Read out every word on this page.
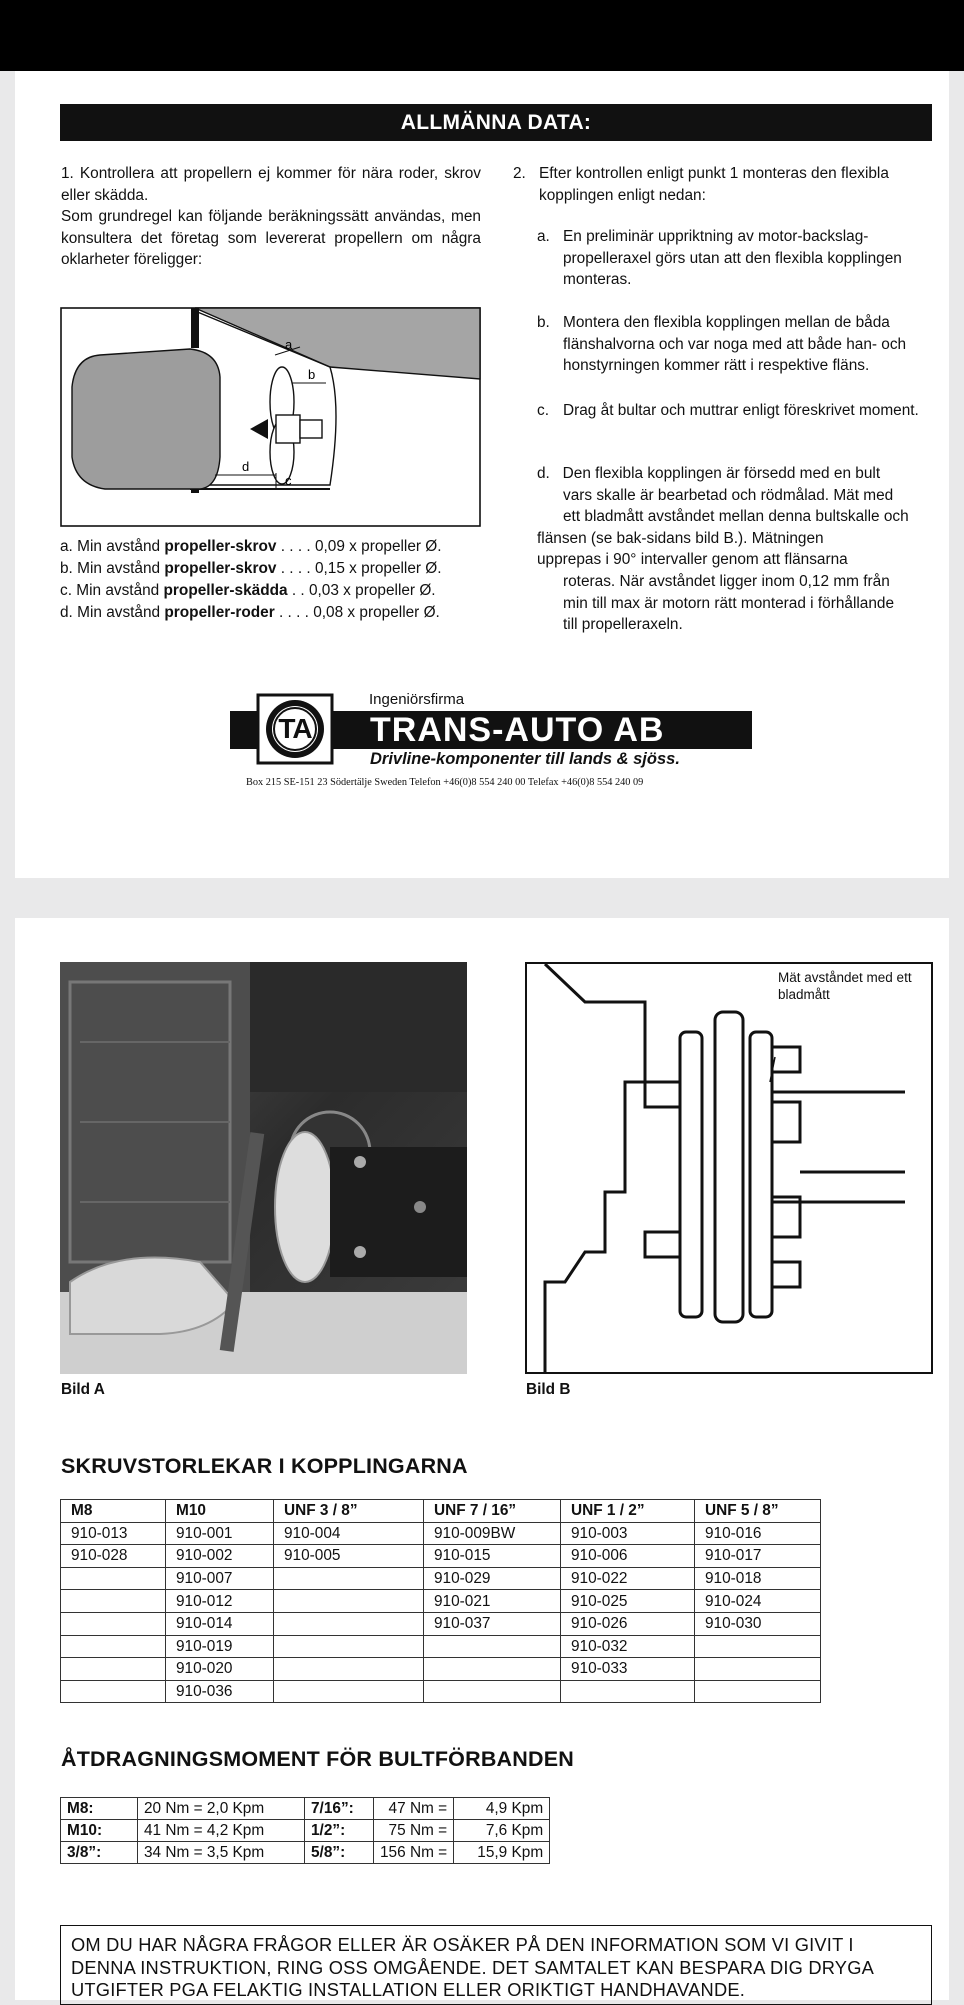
ALLMÄNNA DATA:
1. Kontrollera att propellern ej kommer för nära roder, skrov eller skädda.
Som grundregel kan följande beräkningssätt användas, men konsultera det företag som levererat propellern om några oklarheter föreligger:
a
b
c
d
a. Min avstånd propeller-skrov . . . . 0,09 x propeller Ø.
b. Min avstånd propeller-skrov . . . . 0,15 x propeller Ø.
c. Min avstånd propeller-skädda . . 0,03 x propeller Ø.
d. Min avstånd propeller-roder . . . . 0,08 x propeller Ø.
2. Efter kontrollen enligt punkt 1 monteras den flexibla kopplingen enligt nedan:
a. En preliminär uppriktning av motor-backslag-propelleraxel görs utan att den flexibla kopplingen monteras.
b. Montera den flexibla kopplingen mellan de båda flänshalvorna och var noga med att både han- och honstyrningen kommer rätt i respektive fläns.
c. Drag åt bultar och muttrar enligt föreskrivet moment.
d. Den flexibla kopplingen är försedd med en bult
vars skalle är bearbetad och rödmålad. Mät med
ett bladmått avståndet mellan denna bultskalle och
flänsen (se bak-sidans bild B.). Mätningen
upprepas i 90° intervaller genom att flänsarna
roteras. När avståndet ligger inom 0,12 mm från
min till max är motorn rätt monterad i förhållande
till propelleraxeln.
TA
Ingeniörsfirma
TRANS-AUTO AB
Drivline-komponenter till lands & sjöss.
Box 215 SE-151 23 Södertälje Sweden Telefon +46(0)8 554 240 00 Telefax +46(0)8 554 240 09
Bild A
Mät avståndet med ett bladmått
Bild B
SKRUVSTORLEKAR I KOPPLINGARNA
M8	M10	UNF 3 / 8”	UNF 7 / 16”	UNF 1 / 2”	UNF 5 / 8”
910-013	910-001	910-004	910-009BW	910-003	910-016
910-028	910-002	910-005	910-015	910-006	910-017
	910-007		910-029	910-022	910-018
	910-012		910-021	910-025	910-024
	910-014		910-037	910-026	910-030
	910-019			910-032	
	910-020			910-033	
	910-036				
ÅTDRAGNINGSMOMENT FÖR BULTFÖRBANDEN
M8:	20 Nm = 2,0 Kpm	7/16”:	47 Nm =	4,9 Kpm
M10:	41 Nm = 4,2 Kpm	1/2”:	75 Nm =	7,6 Kpm
3/8”:	34 Nm = 3,5 Kpm	5/8”:	156 Nm =	15,9 Kpm
OM DU HAR NÅGRA FRÅGOR ELLER ÄR OSÄKER PÅ DEN INFORMATION SOM VI GIVIT I DENNA INSTRUKTION, RING OSS OMGÅENDE. DET SAMTALET KAN BESPARA DIG DRYGA UTGIFTER PGA FELAKTIG INSTALLATION ELLER ORIKTIGT HANDHAVANDE.
